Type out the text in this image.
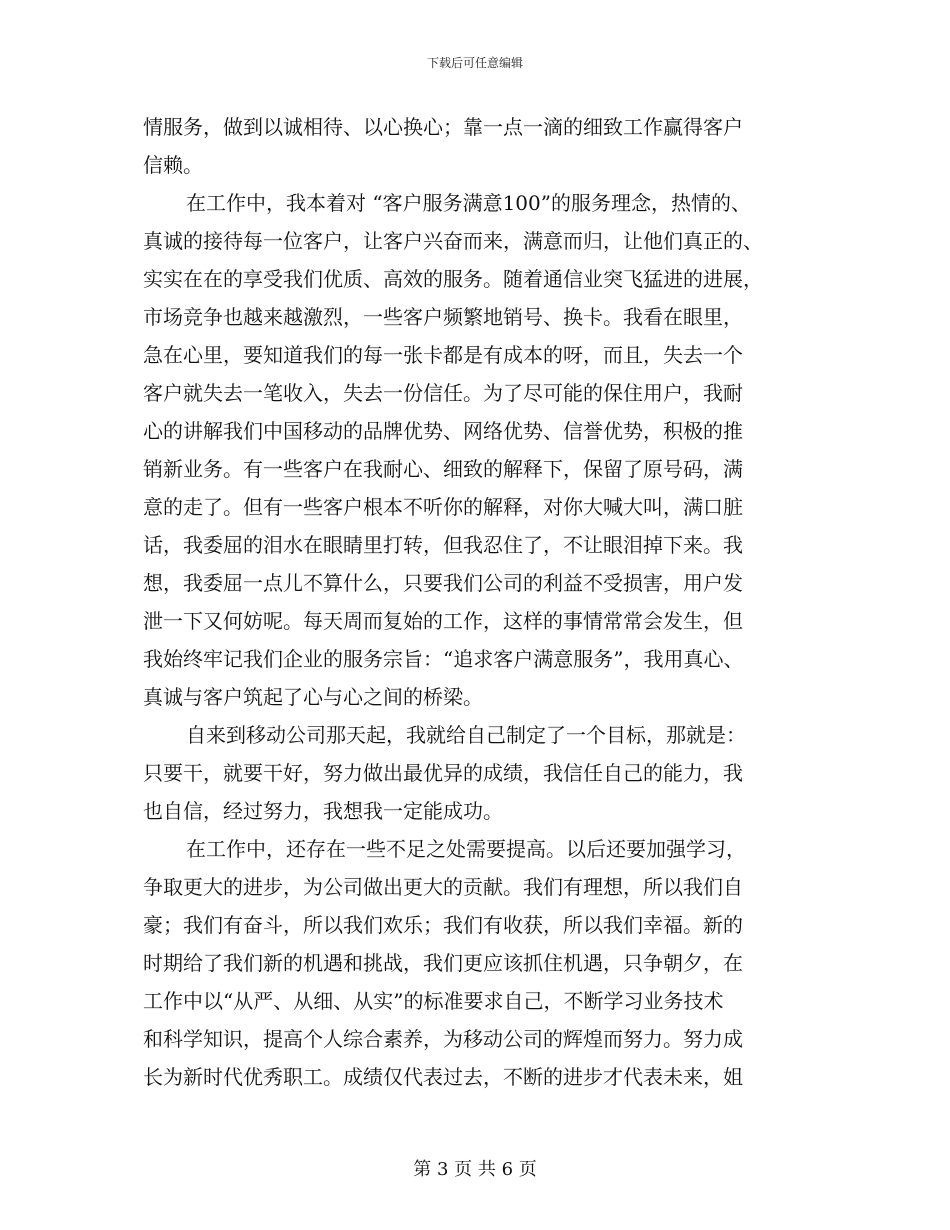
下载后可任意编辑
情服务，做到以诚相待、以心换心；靠一点一滴的细致工作赢得客户
信赖。
在工作中，我本着对 “客户服务满意100”的服务理念，热情的、
真诚的接待每一位客户，让客户兴奋而来，满意而归，让他们真正的、
实实在在的享受我们优质、高效的服务。随着通信业突飞猛进的进展，
市场竞争也越来越激烈，一些客户频繁地销号、换卡。我看在眼里，
急在心里，要知道我们的每一张卡都是有成本的呀，而且，失去一个
客户就失去一笔收入，失去一份信任。为了尽可能的保住用户，我耐
心的讲解我们中国移动的品牌优势、网络优势、信誉优势，积极的推
销新业务。有一些客户在我耐心、细致的解释下，保留了原号码，满
意的走了。但有一些客户根本不听你的解释，对你大喊大叫，满口脏
话，我委屈的泪水在眼睛里打转，但我忍住了，不让眼泪掉下来。我
想，我委屈一点儿不算什么，只要我们公司的利益不受损害，用户发
泄一下又何妨呢。每天周而复始的工作，这样的事情常常会发生，但
我始终牢记我们企业的服务宗旨：“追求客户满意服务”，我用真心、
真诚与客户筑起了心与心之间的桥梁。
自来到移动公司那天起，我就给自己制定了一个目标，那就是：
只要干，就要干好，努力做出最优异的成绩，我信任自己的能力，我
也自信，经过努力，我想我一定能成功。
在工作中，还存在一些不足之处需要提高。以后还要加强学习，
争取更大的进步，为公司做出更大的贡献。我们有理想，所以我们自
豪；我们有奋斗，所以我们欢乐；我们有收获，所以我们幸福。新的
时期给了我们新的机遇和挑战，我们更应该抓住机遇，只争朝夕，在
工作中以“从严、从细、从实”的标准要求自己，不断学习业务技术
和科学知识，提高个人综合素养，为移动公司的辉煌而努力。努力成
长为新时代优秀职工。成绩仅代表过去，不断的进步才代表未来，姐
第 3 页 共 6 页
